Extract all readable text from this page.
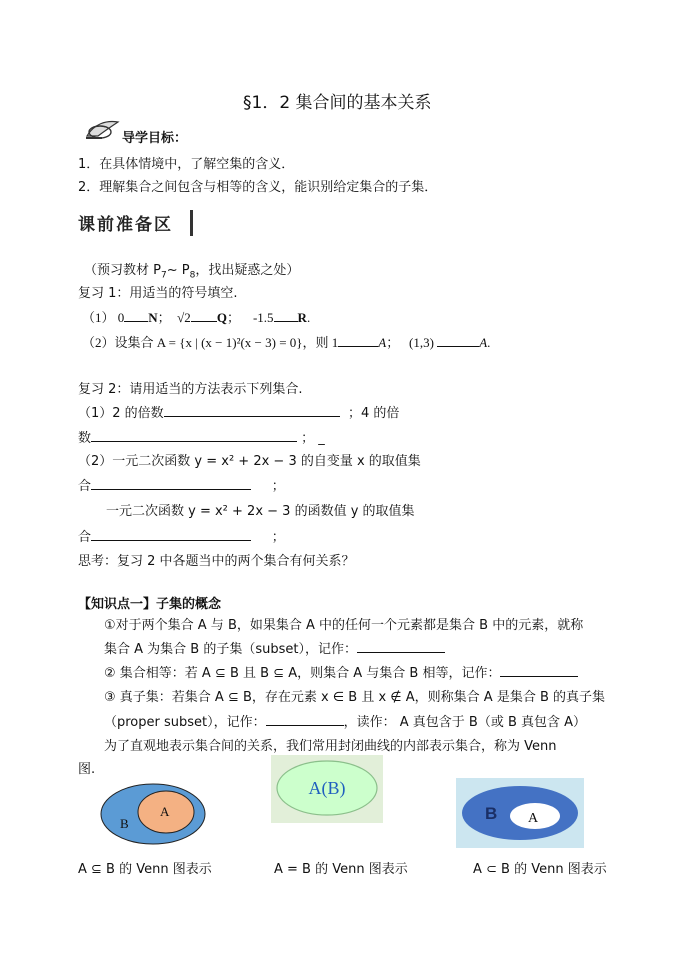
§1．2 集合间的基本关系
导学目标：
1．在具体情境中，了解空集的含义．
2．理解集合之间包含与相等的含义，能识别给定集合的子集．
课前准备区
（预习教材 $P_7\sim$ $P_8$，找出疑惑之处）
复习 1：用适当的符号填空.
（1） 0 N；  √2 Q；    -1.5 R.
（2）设集合 A = {x | (x − 1)²(x − 3) = 0}，则 1	A；   (1,3)	A.
复习 2：请用适当的方法表示下列集合.
（1）2 的倍数	；4 的倍
数	； _
（2）一元二次函数 y = x² + 2x − 3 的自变量 x 的取值集
合	；
一元二次函数 y = x² + 2x − 3 的函数值 y 的取值集
合	；
思考：复习 2 中各题当中的两个集合有何关系？
【知识点一】子集的概念
①对于两个集合 A 与 B，如果集合 A 中的任何一个元素都是集合 B 中的元素，就称
集合 A 为集合 B 的子集（subset），记作：
② 集合相等：若 A ⊆ B 且 B ⊆ A，则集合 A 与集合 B 相等，记作：
③ 真子集：若集合 A ⊆ B，存在元素 x ∈ B 且 x ∉ A，则称集合 A 是集合 B 的真子集
（proper subset），记作：	，读作： A 真包含于 B（或 B 真包含 A）
为了直观地表示集合间的关系，我们常用封闭曲线的内部表示集合，称为 Venn
图.
B
A
A(B)
B A
A ⊆ B 的 Venn 图表示	A = B 的 Venn 图表示	A ⊂ B 的 Venn 图表示
